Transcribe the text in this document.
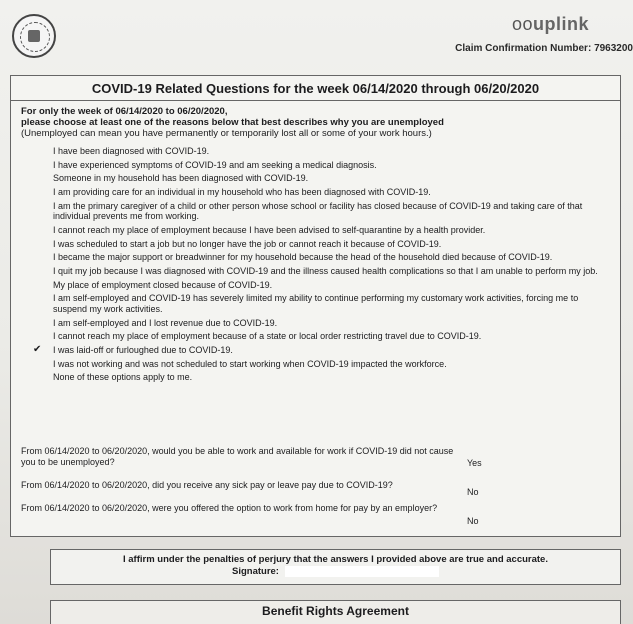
oouplink
Claim Confirmation Number: 7963200
COVID-19 Related Questions for the week 06/14/2020 through 06/20/2020
For only the week of 06/14/2020 to 06/20/2020,
please choose at least one of the reasons below that best describes why you are unemployed
(Unemployed can mean you have permanently or temporarily lost all or some of your work hours.)
I have been diagnosed with COVID-19.
I have experienced symptoms of COVID-19 and am seeking a medical diagnosis.
Someone in my household has been diagnosed with COVID-19.
I am providing care for an individual in my household who has been diagnosed with COVID-19.
I am the primary caregiver of a child or other person whose school or facility has closed because of COVID-19 and taking care of that individual prevents me from working.
I cannot reach my place of employment because I have been advised to self-quarantine by a health provider.
I was scheduled to start a job but no longer have the job or cannot reach it because of COVID-19.
I became the major support or breadwinner for my household because the head of the household died because of COVID-19.
I quit my job because I was diagnosed with COVID-19 and the illness caused health complications so that I am unable to perform my job.
My place of employment closed because of COVID-19.
I am self-employed and COVID-19 has severely limited my ability to continue performing my customary work activities, forcing me to suspend my work activities.
I am self-employed and I lost revenue due to COVID-19.
I cannot reach my place of employment because of a state or local order restricting travel due to COVID-19.
✔ I was laid-off or furloughed due to COVID-19.
I was not working and was not scheduled to start working when COVID-19 impacted the workforce.
None of these options apply to me.
From 06/14/2020 to 06/20/2020, would you be able to work and available for work if COVID-19 did not cause you to be unemployed?	Yes
From 06/14/2020 to 06/20/2020, did you receive any sick pay or leave pay due to COVID-19?
No
From 06/14/2020 to 06/20/2020, were you offered the option to work from home for pay by an employer?
No
I affirm under the penalties of perjury that the answers I provided above are true and accurate.
Signature:
Benefit Rights Agreement
